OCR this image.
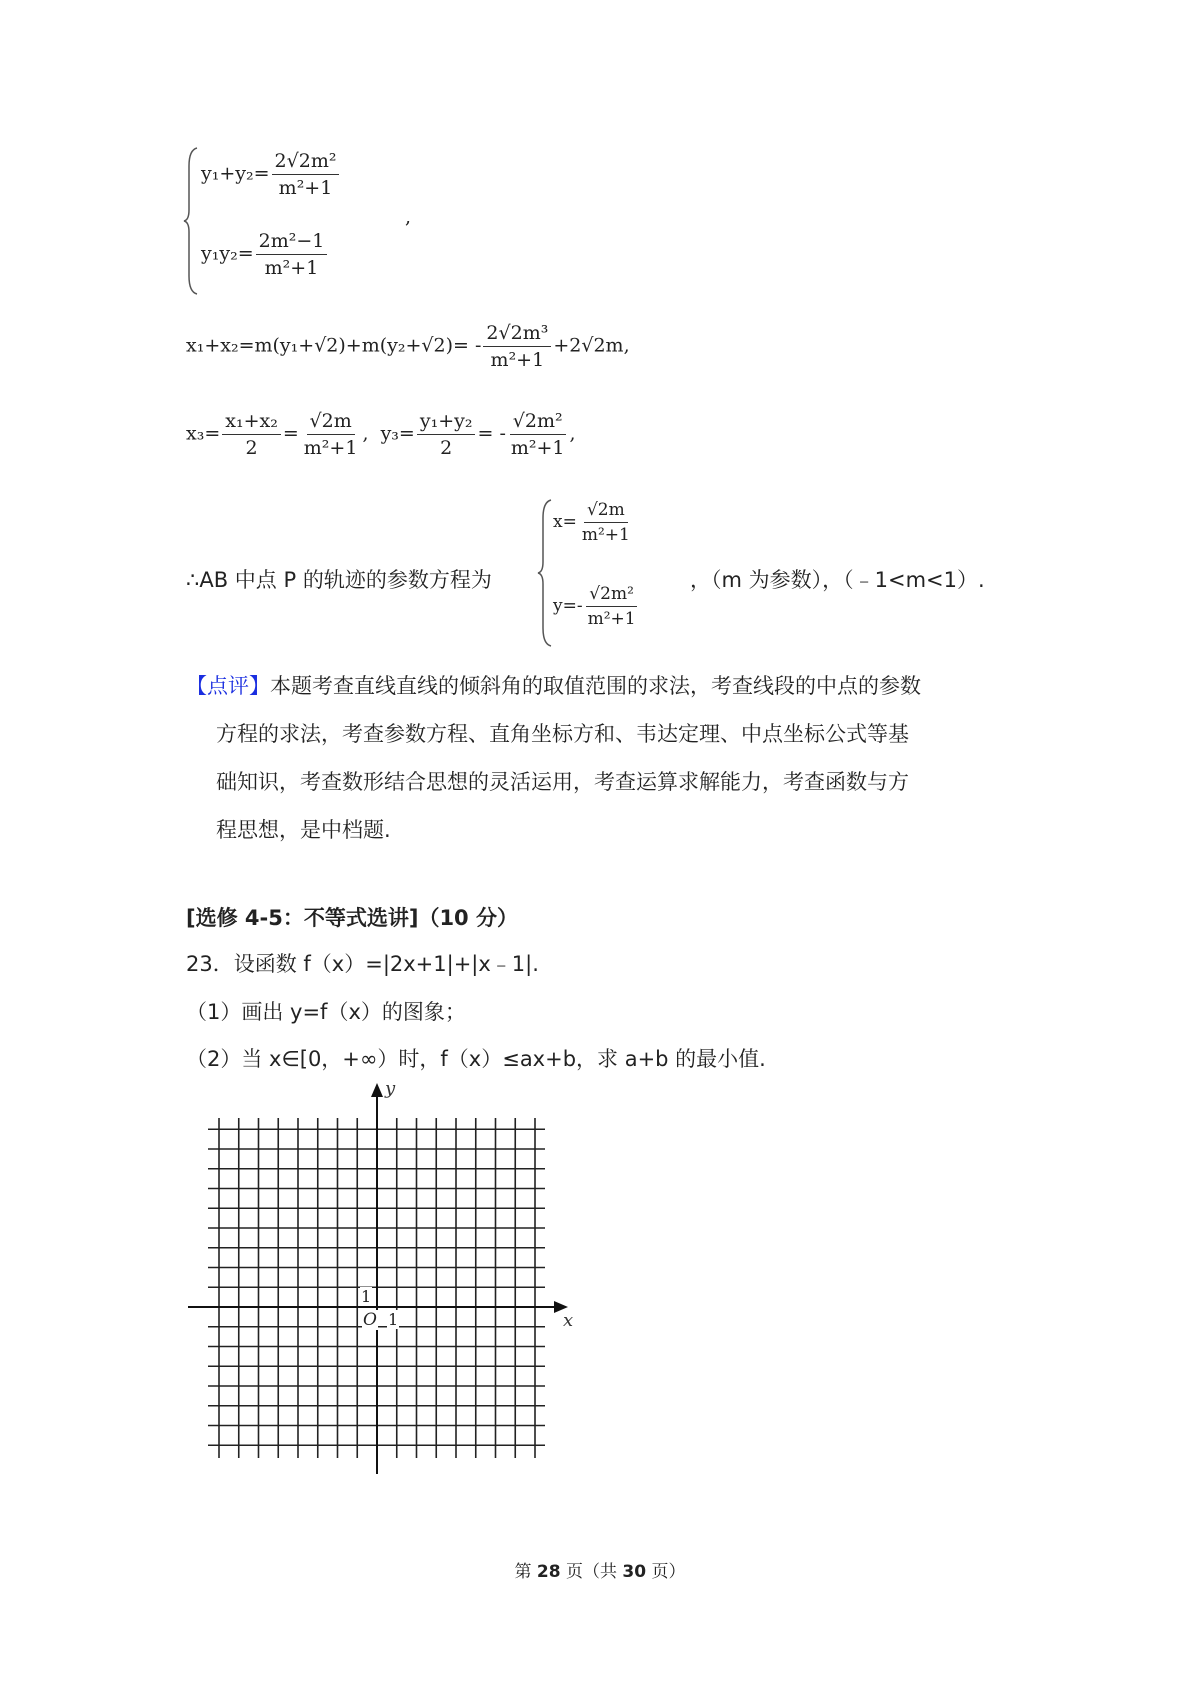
$y_1+y_2= \frac{\text{2√2m²}}{\text{m²+1}}$
$y_1y_2= \frac{\text{2m²−1}}{\text{m²+1}}$
,
$x_1+x_2=m(y_1+√2)+m(y_2+√2)= - \frac{\text{2√2m³}}{\text{m²+1}} +2√2m$,
$x_3= \frac{\text{x₁+x₂}}{2} = \frac{√2m}{\text{m²+1}}$ , $y_3= \frac{\text{y₁+y₂}}{2}$ = - $\frac{\text{√2m²}}{\text{m²+1}}$ ,
∴AB 中点 P 的轨迹的参数方程为
$x= \frac{√2m}{\text{m²+1}}$
$y=- \frac{\text{√2m²}}{\text{m²+1}}$
，（m 为参数），（﹣1<m<1）.
【点评】本题考查直线直线的倾斜角的取值范围的求法，考查线段的中点的参数
方程的求法，考查参数方程、直角坐标方和、韦达定理、中点坐标公式等基
础知识，考查数形结合思想的灵活运用，考查运算求解能力，考查函数与方
程思想，是中档题.
[选修 4-5：不等式选讲]（10 分）
23．设函数 f（x）=|2x+1|+|x﹣1|.
（1）画出 y=f（x）的图象；
（2）当 x∈[0，+∞）时，f（x）≤ax+b，求 a+b 的最小值.
y
x
O 1
1
第 28 页（共 30 页）
